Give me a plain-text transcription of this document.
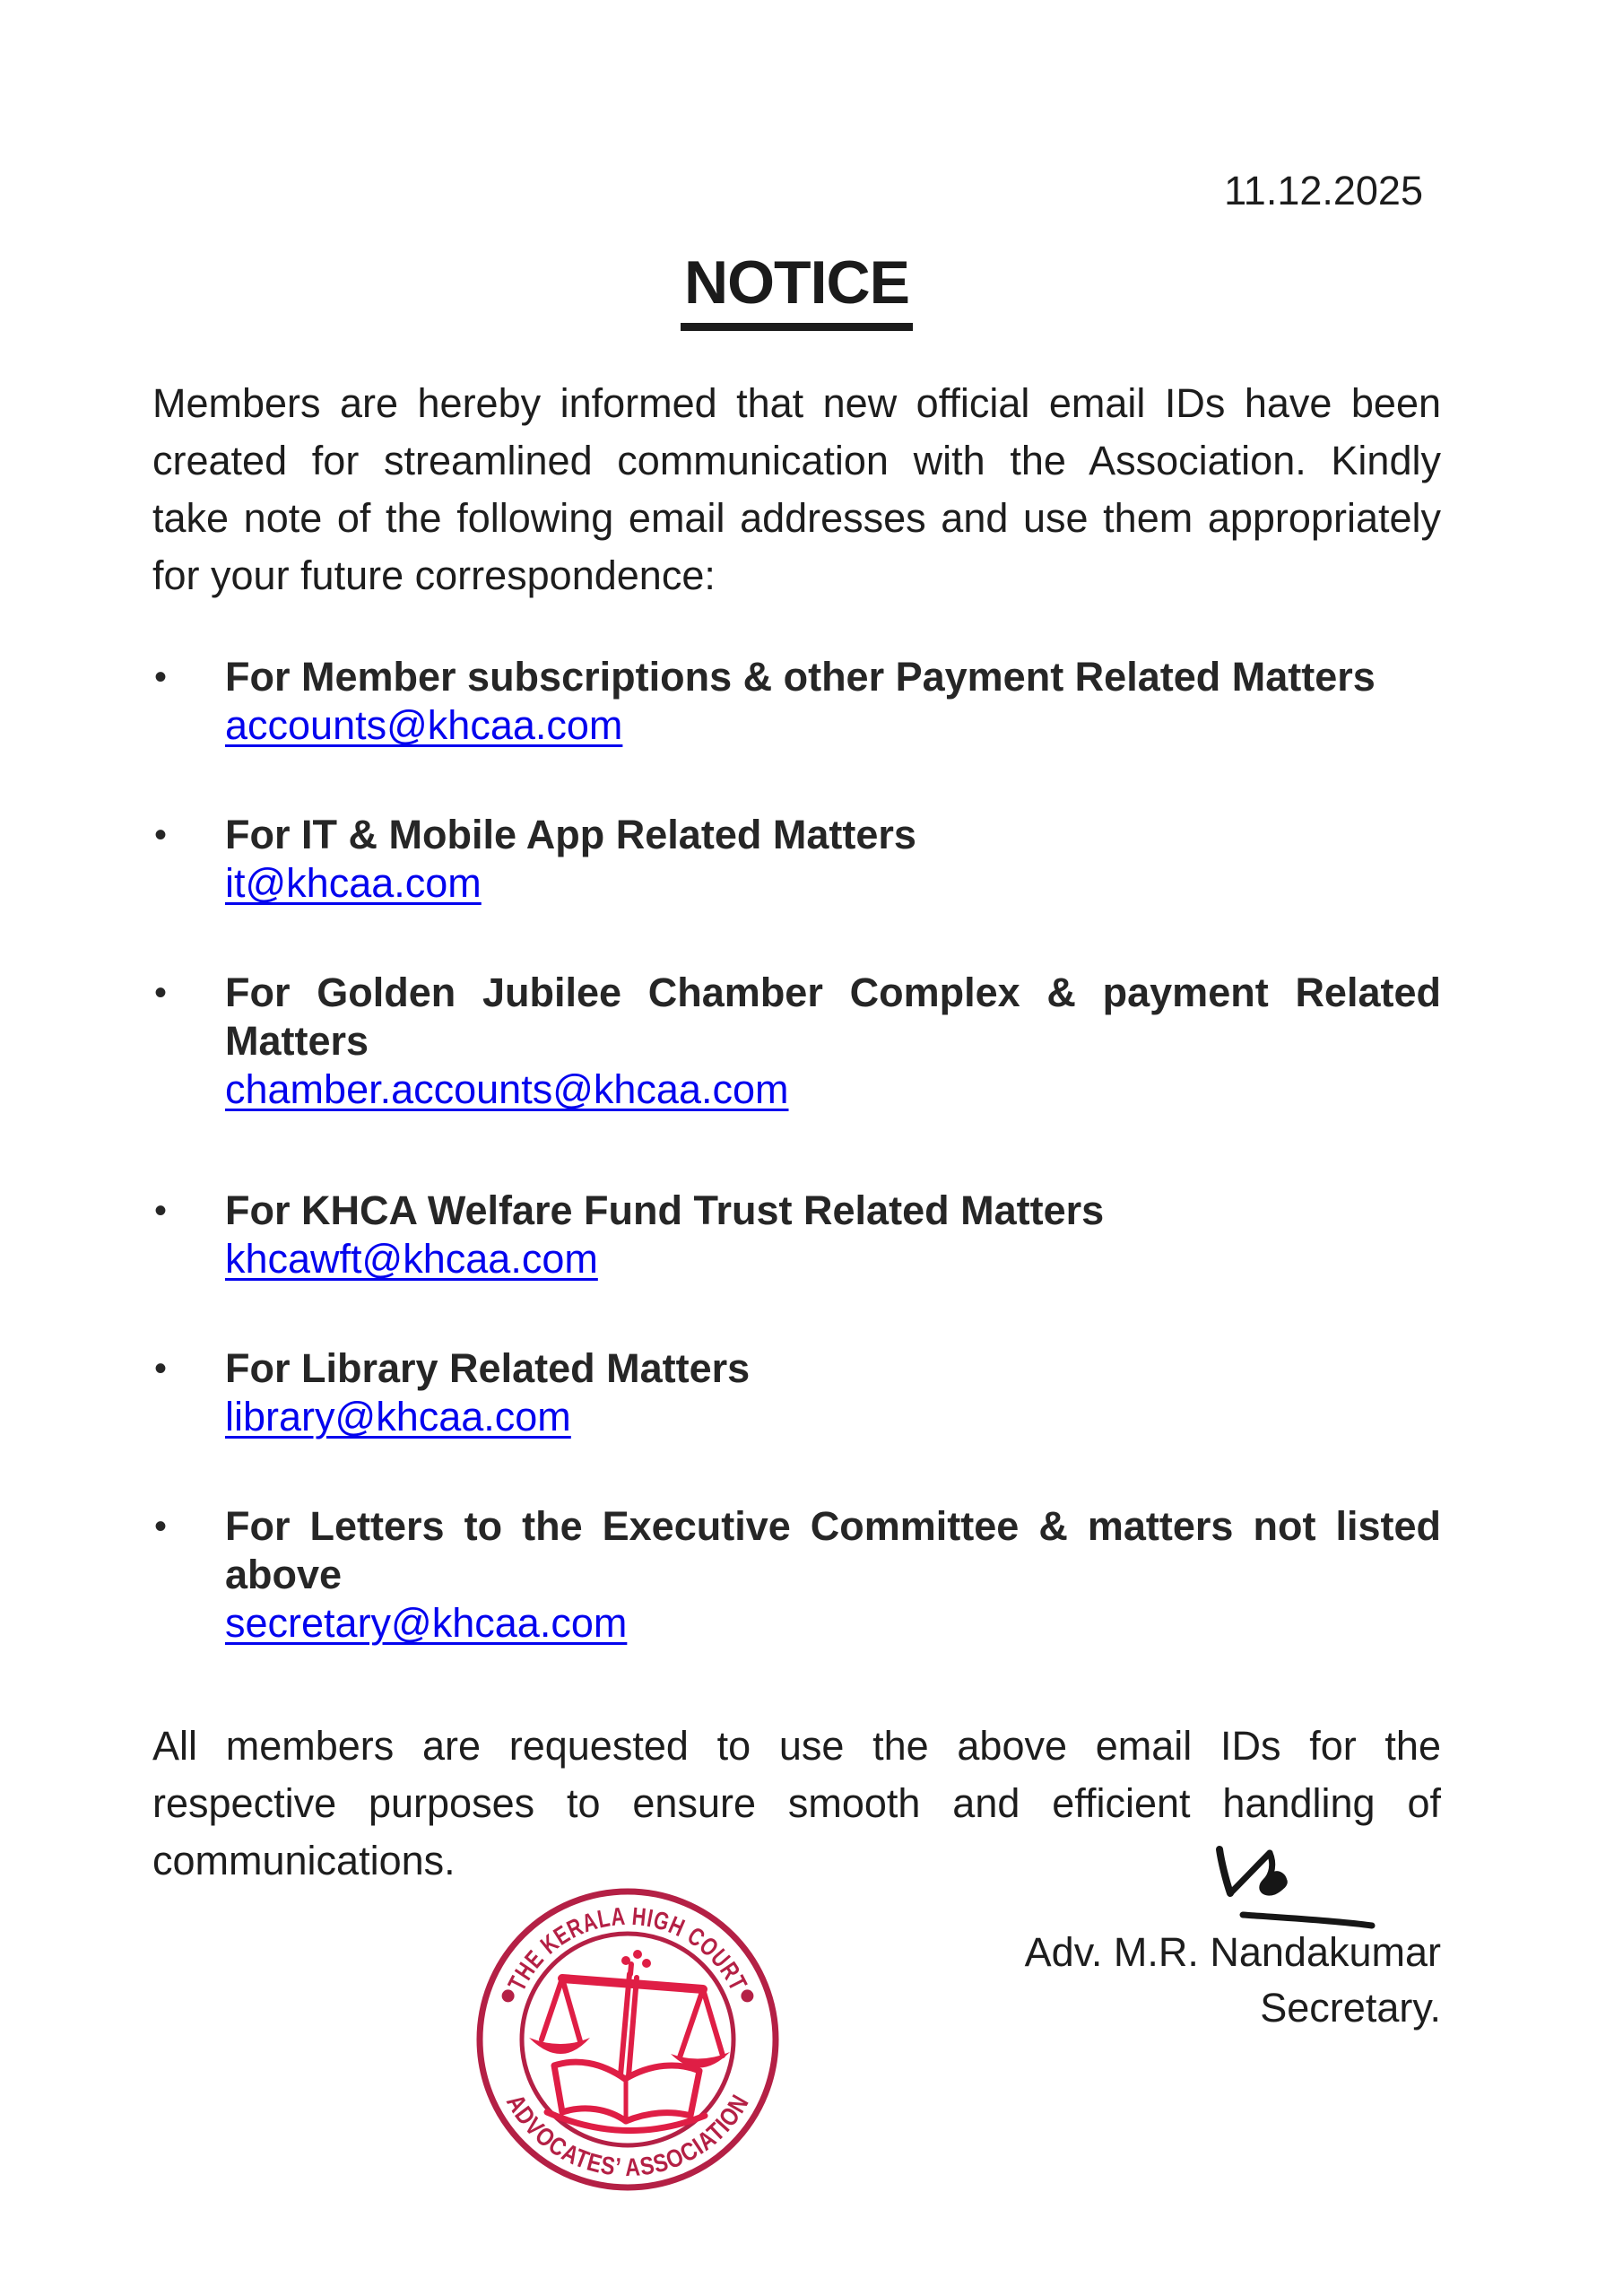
11.12.2025
NOTICE
Members are hereby informed that new official email IDs have been
created for streamlined communication with the Association. Kindly
take note of the following email addresses and use them appropriately
for your future correspondence:
• For Member subscriptions & other Payment Related Matters
accounts@khcaa.com
• For IT & Mobile App Related Matters
it@khcaa.com
• For Golden Jubilee Chamber Complex & payment Related
Matters
chamber.accounts@khcaa.com
• For KHCA Welfare Fund Trust Related Matters
khcawft@khcaa.com
• For Library Related Matters
library@khcaa.com
• For Letters to the Executive Committee & matters not listed
above
secretary@khcaa.com
All members are requested to use the above email IDs for the
respective purposes to ensure smooth and efficient handling of
communications.
Adv. M.R. Nandakumar
Secretary.
THE KERALA HIGH COURT
ADVOCATES’ ASSOCIATION
